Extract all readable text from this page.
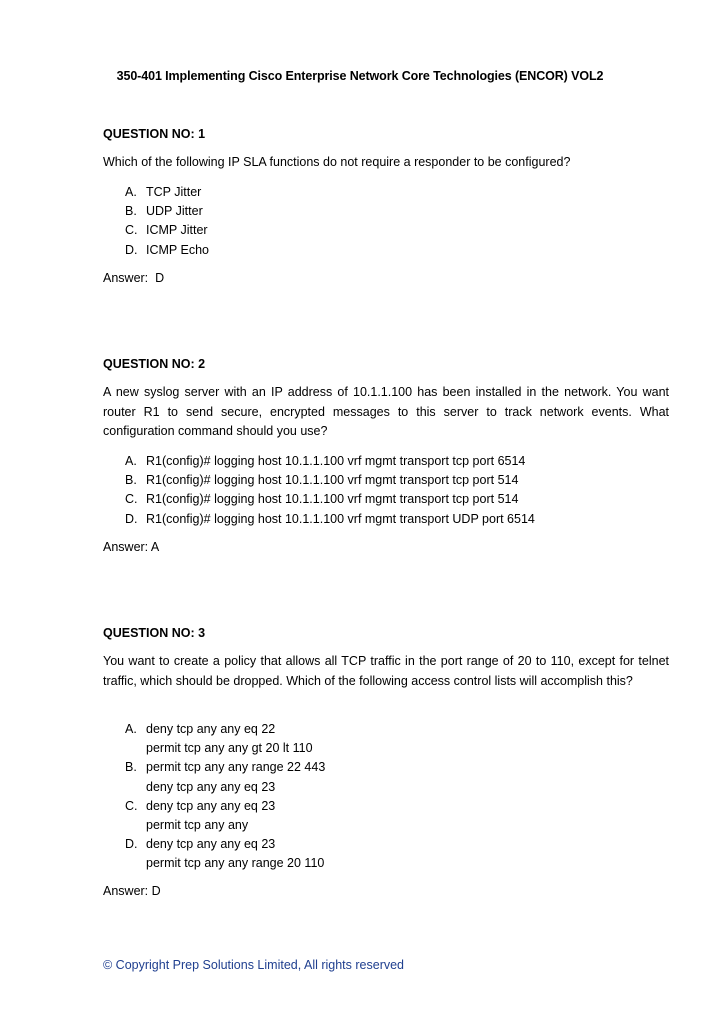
350-401 Implementing Cisco Enterprise Network Core Technologies (ENCOR) VOL2
QUESTION NO: 1
Which of the following IP SLA functions do not require a responder to be configured?
A. TCP Jitter
B. UDP Jitter
C. ICMP Jitter
D. ICMP Echo
Answer:  D
QUESTION NO: 2
A new syslog server with an IP address of 10.1.1.100 has been installed in the network. You want router R1 to send secure, encrypted messages to this server to track network events. What configuration command should you use?
A. R1(config)# logging host 10.1.1.100 vrf mgmt transport tcp port 6514
B. R1(config)# logging host 10.1.1.100 vrf mgmt transport tcp port 514
C. R1(config)# logging host 10.1.1.100 vrf mgmt transport tcp port 514
D. R1(config)# logging host 10.1.1.100 vrf mgmt transport UDP port 6514
Answer: A
QUESTION NO: 3
You want to create a policy that allows all TCP traffic in the port range of 20 to 110, except for telnet traffic, which should be dropped. Which of the following access control lists will accomplish this?
A. deny tcp any any eq 22
permit tcp any any gt 20 lt 110
B. permit tcp any any range 22 443
deny tcp any any eq 23
C. deny tcp any any eq 23
permit tcp any any
D. deny tcp any any eq 23
permit tcp any any range 20 110
Answer: D
© Copyright Prep Solutions Limited, All rights reserved
